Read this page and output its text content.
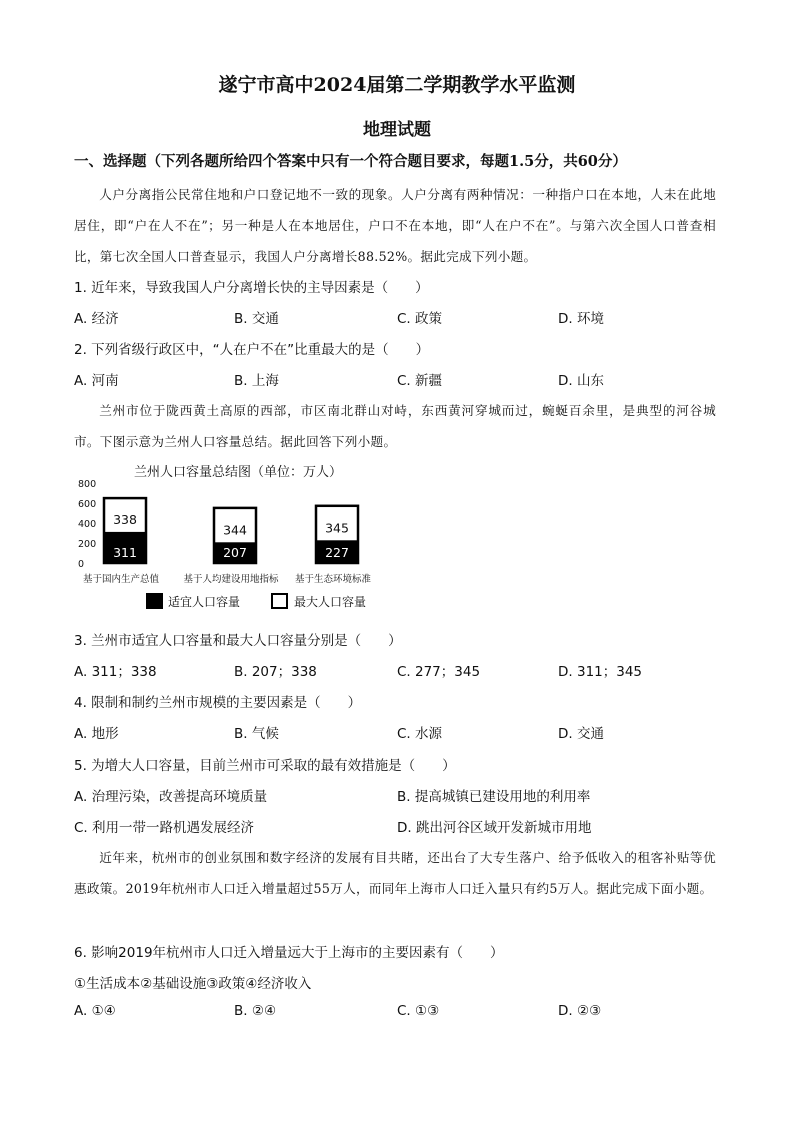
遂宁市高中2024届第二学期教学水平监测
地理试题
一、选择题（下列各题所给四个答案中只有一个符合题目要求，每题1.5分，共60分）
人户分离指公民常住地和户口登记地不一致的现象。人户分离有两种情况：一种指户口在本地，人未在此地居住，即“户在人不在”；另一种是人在本地居住，户口不在本地，即“人在户不在”。与第六次全国人口普查相比，第七次全国人口普查显示，我国人户分离增长88.52%。据此完成下列小题。
1. 近年来，导致我国人户分离增长快的主导因素是（　　）
A. 经济	B. 交通	C. 政策	D. 环境
2. 下列省级行政区中，“人在户不在”比重最大的是（　　）
A. 河南	B. 上海	C. 新疆	D. 山东
兰州市位于陇西黄土高原的西部，市区南北群山对峙，东西黄河穿城而过，蜿蜒百余里，是典型的河谷城市。下图示意为兰州人口容量总结。据此回答下列小题。
兰州人口容量总结图（单位：万人）
0
200
400
600
800
338
311
基于国内生产总值
344
207
基于人均建设用地指标
345
227
基于生态环境标准
适宜人口容量	最大人口容量
3. 兰州市适宜人口容量和最大人口容量分别是（　　）
A. 311；338	B. 207；338	C. 277；345	D. 311；345
4. 限制和制约兰州市规模的主要因素是（　　）
A. 地形	B. 气候	C. 水源	D. 交通
5. 为增大人口容量，目前兰州市可采取的最有效措施是（　　）
A. 治理污染，改善提高环境质量	B. 提高城镇已建设用地的利用率
C. 利用一带一路机遇发展经济	D. 跳出河谷区域开发新城市用地
近年来，杭州市的创业氛围和数字经济的发展有目共睹，还出台了大专生落户、给予低收入的租客补贴等优惠政策。2019年杭州市人口迁入增量超过55万人，而同年上海市人口迁入量只有约5万人。据此完成下面小题。
6. 影响2019年杭州市人口迁入增量远大于上海市的主要因素有（　　）
①生活成本②基础设施③政策④经济收入
A. ①④	B. ②④	C. ①③	D. ②③
